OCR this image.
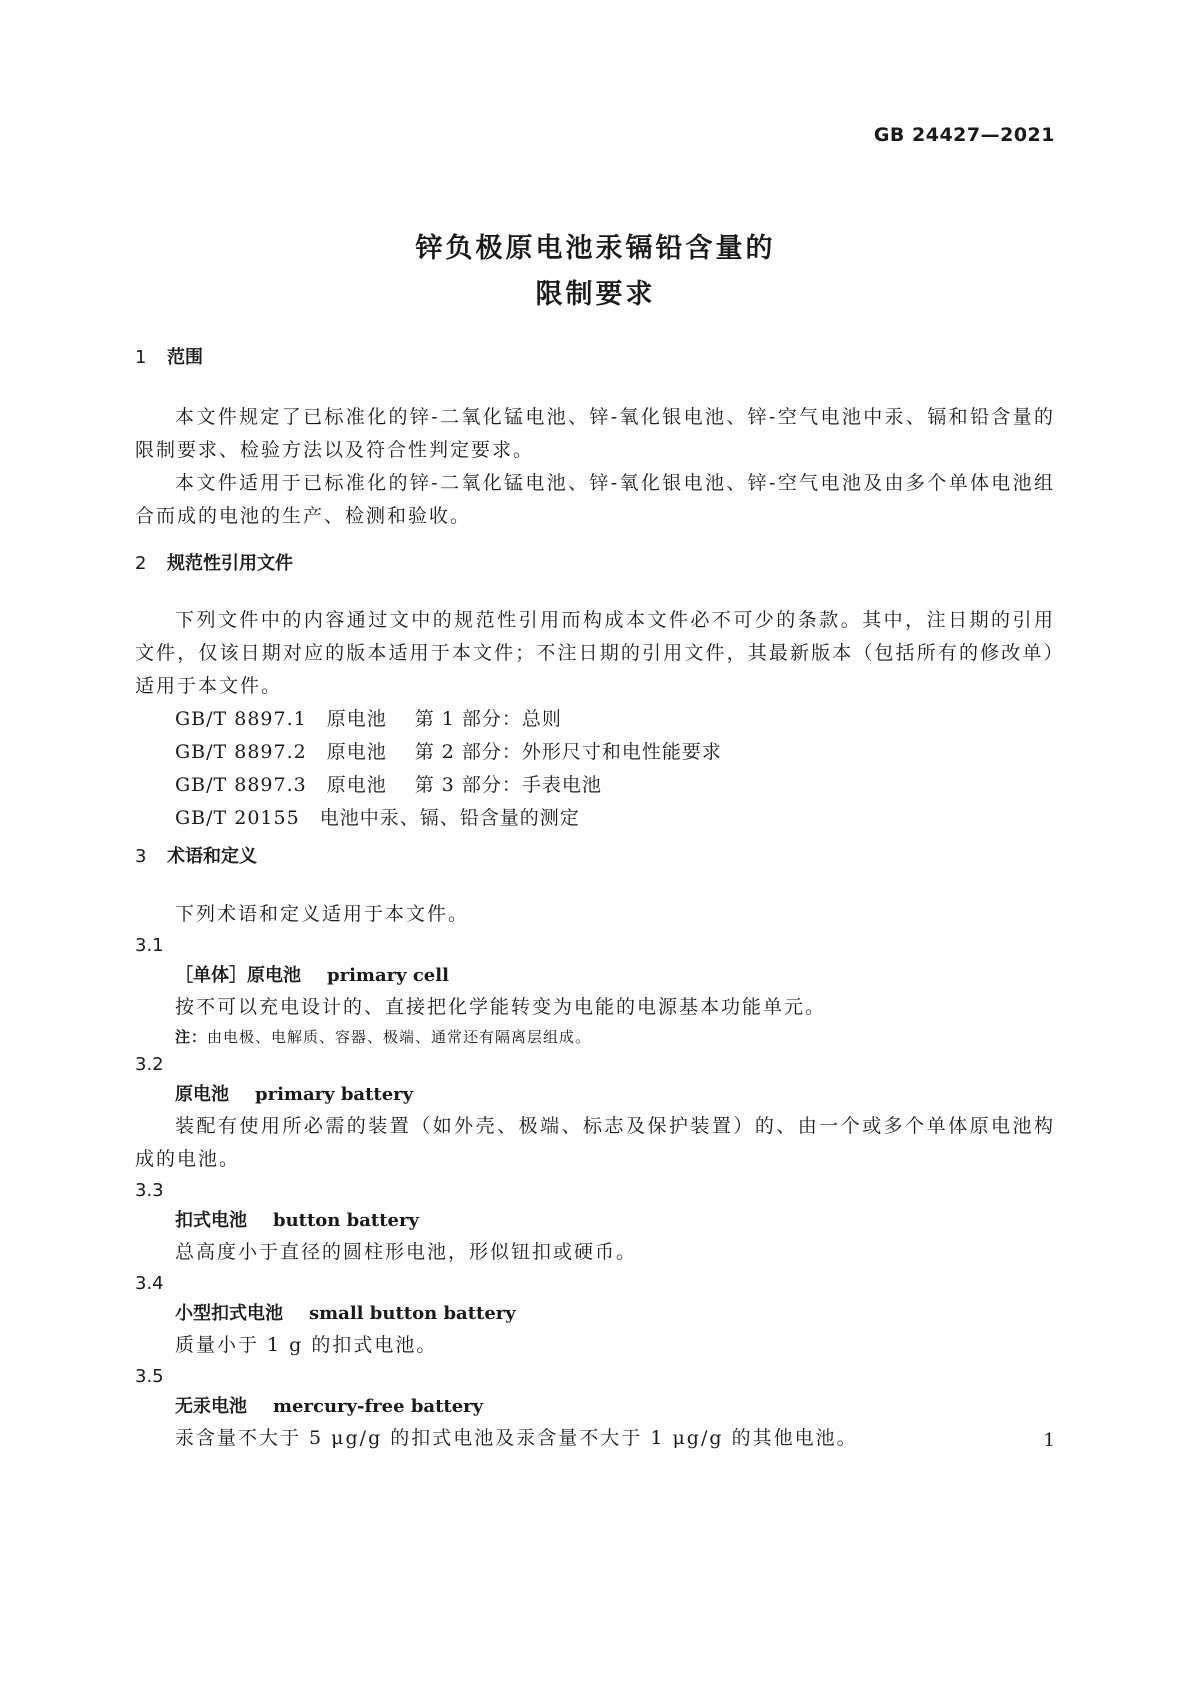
GB 24427—2021
锌负极原电池汞镉铅含量的
限制要求
1 范围

本文件规定了已标准化的锌-二氧化锰电池、锌-氧化银电池、锌-空气电池中汞、镉和铅含量的限制要求、检验方法以及符合性判定要求。

本文件适用于已标准化的锌-二氧化锰电池、锌-氧化银电池、锌-空气电池及由多个单体电池组合而成的电池的生产、检测和验收。

2 规范性引用文件

下列文件中的内容通过文中的规范性引用而构成本文件必不可少的条款。其中，注日期的引用文件，仅该日期对应的版本适用于本文件；不注日期的引用文件，其最新版本（包括所有的修改单）适用于本文件。

GB/T 8897.1 原电池 第 1 部分：总则
GB/T 8897.2 原电池 第 2 部分：外形尺寸和电性能要求
GB/T 8897.3 原电池 第 3 部分：手表电池
GB/T 20155 电池中汞、镉、铅含量的测定
3 术语和定义

下列术语和定义适用于本文件。

3.1
［单体］原电池 primary cell
按不可以充电设计的、直接把化学能转变为电能的电源基本功能单元。
注：由电极、电解质、容器、极端、通常还有隔离层组成。
3.2
原电池 primary battery

装配有使用所必需的装置（如外壳、极端、标志及保护装置）的、由一个或多个单体原电池构成的电池。

3.3
扣式电池 button battery
总高度小于直径的圆柱形电池，形似钮扣或硬币。
3.4
小型扣式电池 small button battery
质量小于 1 g 的扣式电池。
3.5
无汞电池 mercury-free battery
汞含量不大于 5 μg/g 的扣式电池及汞含量不大于 1 μg/g 的其他电池。	1
